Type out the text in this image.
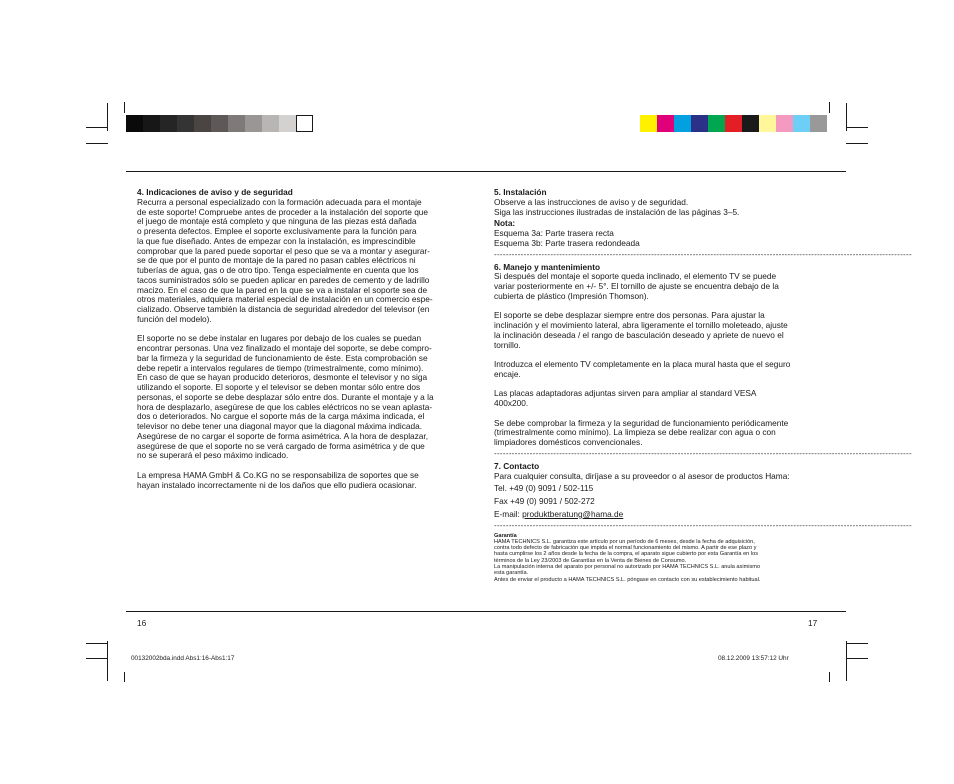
4. Indicaciones de aviso y de seguridad

Recurra a personal especializado con la formación adecuada para el montaje
de este soporte! Compruebe antes de proceder a la instalación del soporte que
el juego de montaje está completo y que ninguna de las piezas está dañada
o presenta defectos. Emplee el soporte exclusivamente para la función para
la que fue diseñado. Antes de empezar con la instalación, es imprescindible
comprobar que la pared puede soportar el peso que se va a montar y asegurar-
se de que por el punto de montaje de la pared no pasan cables eléctricos ni
tuberías de agua, gas o de otro tipo. Tenga especialmente en cuenta que los
tacos suministrados sólo se pueden aplicar en paredes de cemento y de ladrillo
macizo. En el caso de que la pared en la que se va a instalar el soporte sea de
otros materiales, adquiera material especial de instalación en un comercio espe-
cializado. Observe también la distancia de seguridad alrededor del televisor (en
función del modelo).

El soporte no se debe instalar en lugares por debajo de los cuales se puedan
encontrar personas. Una vez finalizado el montaje del soporte, se debe compro-
bar la firmeza y la seguridad de funcionamiento de éste. Esta comprobación se
debe repetir a intervalos regulares de tiempo (trimestralmente, como mínimo).
En caso de que se hayan producido deterioros, desmonte el televisor y no siga
utilizando el soporte. El soporte y el televisor se deben montar sólo entre dos
personas, el soporte se debe desplazar sólo entre dos. Durante el montaje y a la
hora de desplazarlo, asegúrese de que los cables eléctricos no se vean aplasta-
dos o deteriorados. No cargue el soporte más de la carga máxima indicada, el
televisor no debe tener una diagonal mayor que la diagonal máxima indicada.
Asegúrese de no cargar el soporte de forma asimétrica. A la hora de desplazar,
asegúrese de que el soporte no se verá cargado de forma asimétrica y de que
no se superará el peso máximo indicado.

La empresa HAMA GmbH & Co.KG no se responsabiliza de soportes que se
hayan instalado incorrectamente ni de los daños que ello pudiera ocasionar.

5. Instalación

Observe a las instrucciones de aviso y de seguridad.
Siga las instrucciones ilustradas de instalación de las páginas 3–5.

Nota:

Esquema 3a: Parte trasera recta
Esquema 3b: Parte trasera redondeada

---------------------------------------------------------------------------------------------------------------------------------------------
6. Manejo y mantenimiento

Si después del montaje el soporte queda inclinado, el elemento TV se puede
variar posteriormente en +/- 5°. El tornillo de ajuste se encuentra debajo de la
cubierta de plástico (Impresión Thomson).

El soporte se debe desplazar siempre entre dos personas. Para ajustar la
inclinación y el movimiento lateral, abra ligeramente el tornillo moleteado, ajuste
la inclinación deseada / el rango de basculación deseado y apriete de nuevo el
tornillo.

Introduzca el elemento TV completamente en la placa mural hasta que el seguro
encaje.

Las placas adaptadoras adjuntas sirven para ampliar al standard VESA
400x200.

Se debe comprobar la firmeza y la seguridad de funcionamiento periódicamente
(trimestralmente como mínimo). La limpieza se debe realizar con agua o con
limpiadores domésticos convencionales.

---------------------------------------------------------------------------------------------------------------------------------------------
7. Contacto

Para cualquier consulta, diríjase a su proveedor o al asesor de productos Hama:

Tel. +49 (0) 9091 / 502-115

Fax +49 (0) 9091 / 502-272

E-mail: produktberatung@hama.de

---------------------------------------------------------------------------------------------------------------------------------------------
Garantía

HAMA TECHNICS S.L. garantiza este artículo por un período de 6 meses, desde la fecha de adquisición,
contra todo defecto de fabricación que impida el normal funcionamiento del mismo. A partir de ese plazo y
hasta cumplirse los 2 años desde la fecha de la compra, el aparato sigue cubierto por esta Garantía en los
términos de la Ley 23/2003 de Garantías en la Venta de Bienes de Consumo.

La manipulación interna del aparato por personal no autorizado por HAMA TECHNICS S.L. anula asimismo
esta garantía.

Antes de enviar el producto a HAMA TECHNICS S.L. póngase en contacto con su establecimiento habitual.

16	17
00132002bda.indd Abs1:16-Abs1:17	08.12.2009 13:57:12 Uhr
